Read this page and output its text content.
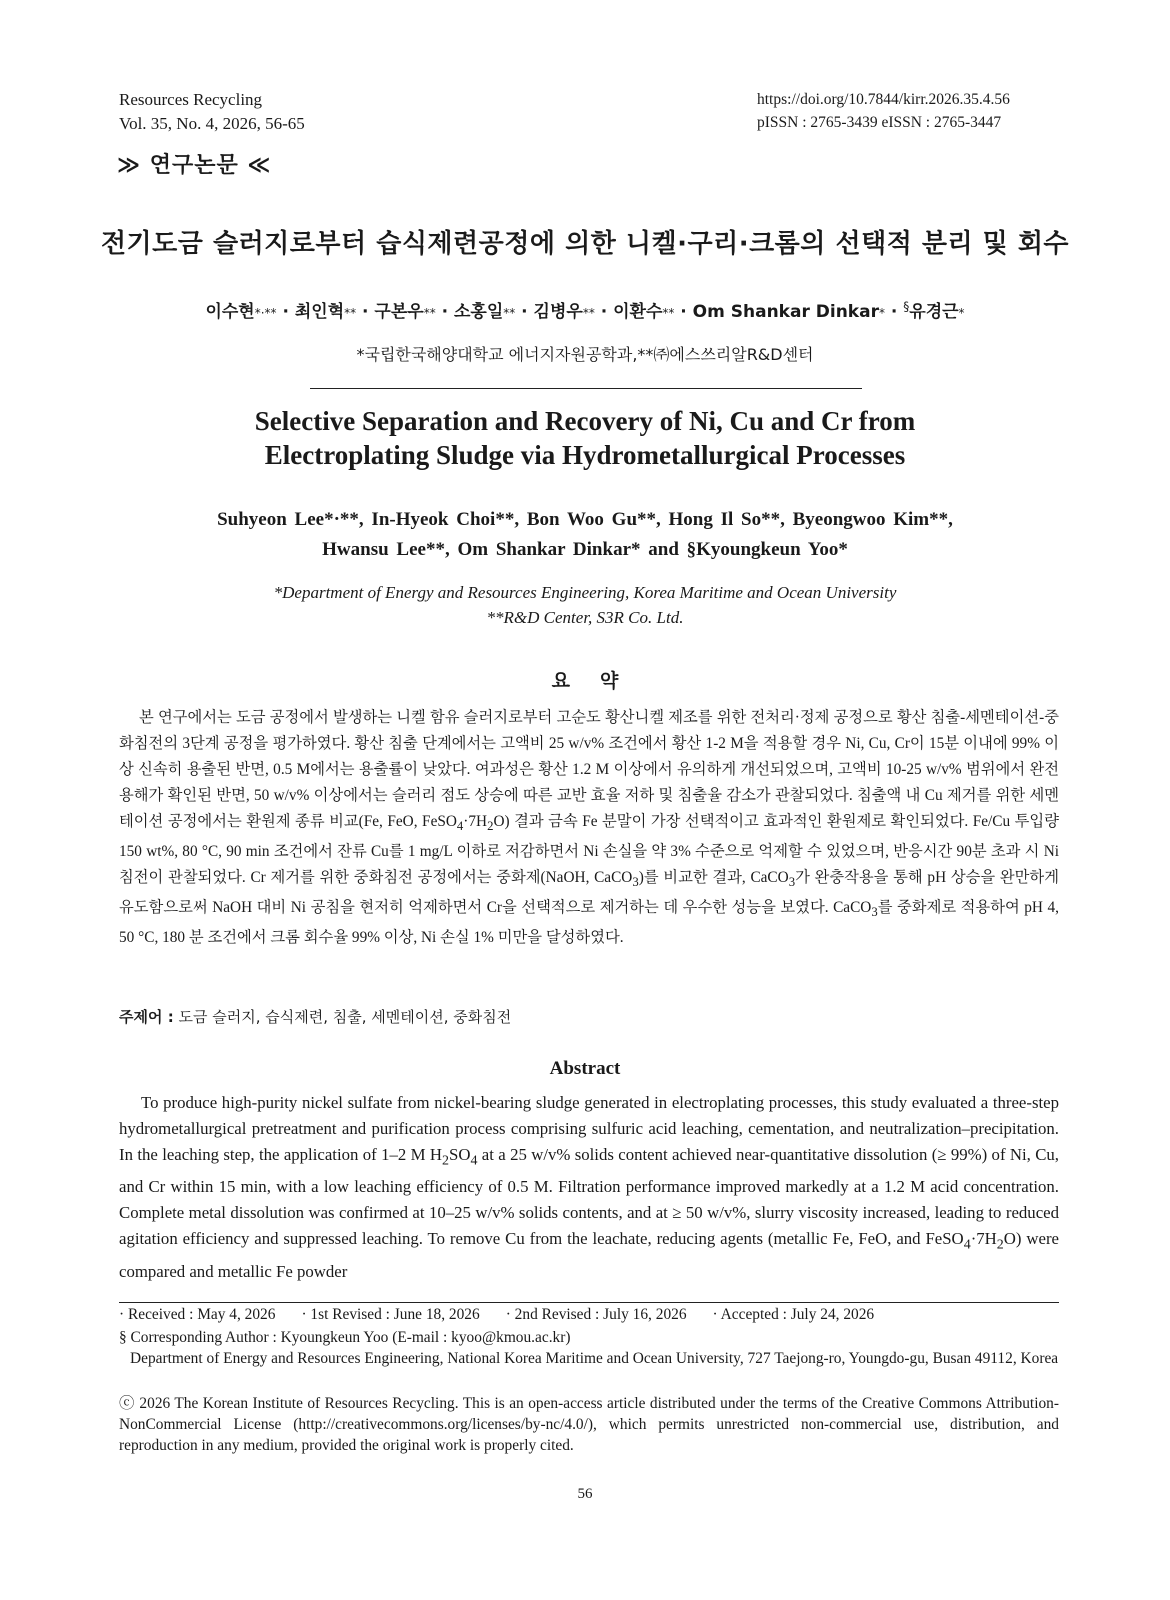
Resources Recycling
Vol. 35, No. 4, 2026, 56-65
https://doi.org/10.7844/kirr.2026.35.4.56
pISSN : 2765-3439 eISSN : 2765-3447
≫ 연구논문 ≪
전기도금 슬러지로부터 습식제련공정에 의한 니켈·구리·크롬의 선택적 분리 및 회수
이수현*·** · 최인혁** · 구본우** · 소홍일** · 김병우** · 이환수** · Om Shankar Dinkar* · §유경근*
*국립한국해양대학교 에너지자원공학과,**㈜에스쓰리알R&D센터
Selective Separation and Recovery of Ni, Cu and Cr from
Electroplating Sludge via Hydrometallurgical Processes
Suhyeon Lee*·**, In-Hyeok Choi**, Bon Woo Gu**, Hong Il So**, Byeongwoo Kim**,
Hwansu Lee**, Om Shankar Dinkar* and §Kyoungkeun Yoo*
*Department of Energy and Resources Engineering, Korea Maritime and Ocean University
**R&D Center, S3R Co. Ltd.
요약
본 연구에서는 도금 공정에서 발생하는 니켈 함유 슬러지로부터 고순도 황산니켈 제조를 위한 전처리·정제 공정으로 황산 침출-세멘테이션-중화침전의 3단계 공정을 평가하였다. 황산 침출 단계에서는 고액비 25 w/v% 조건에서 황산 1-2 M을 적용할 경우 Ni, Cu, Cr이 15분 이내에 99% 이상 신속히 용출된 반면, 0.5 M에서는 용출률이 낮았다. 여과성은 황산 1.2 M 이상에서 유의하게 개선되었으며, 고액비 10-25 w/v% 범위에서 완전 용해가 확인된 반면, 50 w/v% 이상에서는 슬러리 점도 상승에 따른 교반 효율 저하 및 침출율 감소가 관찰되었다. 침출액 내 Cu 제거를 위한 세멘테이션 공정에서는 환원제 종류 비교(Fe, FeO, $FeSO_4\cdot 7H_2O$) 결과 금속 Fe 분말이 가장 선택적이고 효과적인 환원제로 확인되었다. Fe/Cu 투입량 150 wt%, 80 °C, 90 min 조건에서 잔류 Cu를 1 mg/L 이하로 저감하면서 Ni 손실을 약 3% 수준으로 억제할 수 있었으며, 반응시간 90분 초과 시 Ni 침전이 관찰되었다. Cr 제거를 위한 중화침전 공정에서는 중화제(NaOH, CaCO$_3$)를 비교한 결과, CaCO$_3$가 완충작용을 통해 pH 상승을 완만하게 유도함으로써 NaOH 대비 Ni 공침을 현저히 억제하면서 Cr을 선택적으로 제거하는 데 우수한 성능을 보였다. CaCO$_3$를 중화제로 적용하여 pH 4, 50 °C, 180 분 조건에서 크롬 회수율 99% 이상, Ni 손실 1% 미만을 달성하였다.
주제어 : 도금 슬러지, 습식제련, 침출, 세멘테이션, 중화침전
Abstract
To produce high-purity nickel sulfate from nickel-bearing sludge generated in electroplating processes, this study evaluated a three-step hydrometallurgical pretreatment and purification process comprising sulfuric acid leaching, cementation, and neutralization–precipitation. In the leaching step, the application of 1–2 M $H_2SO_4$ at a 25 w/v% solids content achieved near-quantitative dissolution (≥ 99%) of Ni, Cu, and Cr within 15 min, with a low leaching efficiency of 0.5 M. Filtration performance improved markedly at a 1.2 M acid concentration. Complete metal dissolution was confirmed at 10–25 w/v% solids contents, and at ≥ 50 w/v%, slurry viscosity increased, leading to reduced agitation efficiency and suppressed leaching. To remove Cu from the leachate, reducing agents (metallic Fe, FeO, and $FeSO_4\cdot 7H_2O$) were compared and metallic Fe powder
· Received : May 4, 2026 · 1st Revised : June 18, 2026 · 2nd Revised : July 16, 2026 · Accepted : July 24, 2026
§ Corresponding Author : Kyoungkeun Yoo (E-mail : kyoo@kmou.ac.kr)
Department of Energy and Resources Engineering, National Korea Maritime and Ocean University, 727 Taejong-ro, Youngdo-gu, Busan 49112, Korea
ⓒ 2026 The Korean Institute of Resources Recycling. This is an open-access article distributed under the terms of the Creative Commons Attribution-NonCommercial License (http://creativecommons.org/licenses/by-nc/4.0/), which permits unrestricted non-commercial use, distribution, and reproduction in any medium, provided the original work is properly cited.
56
